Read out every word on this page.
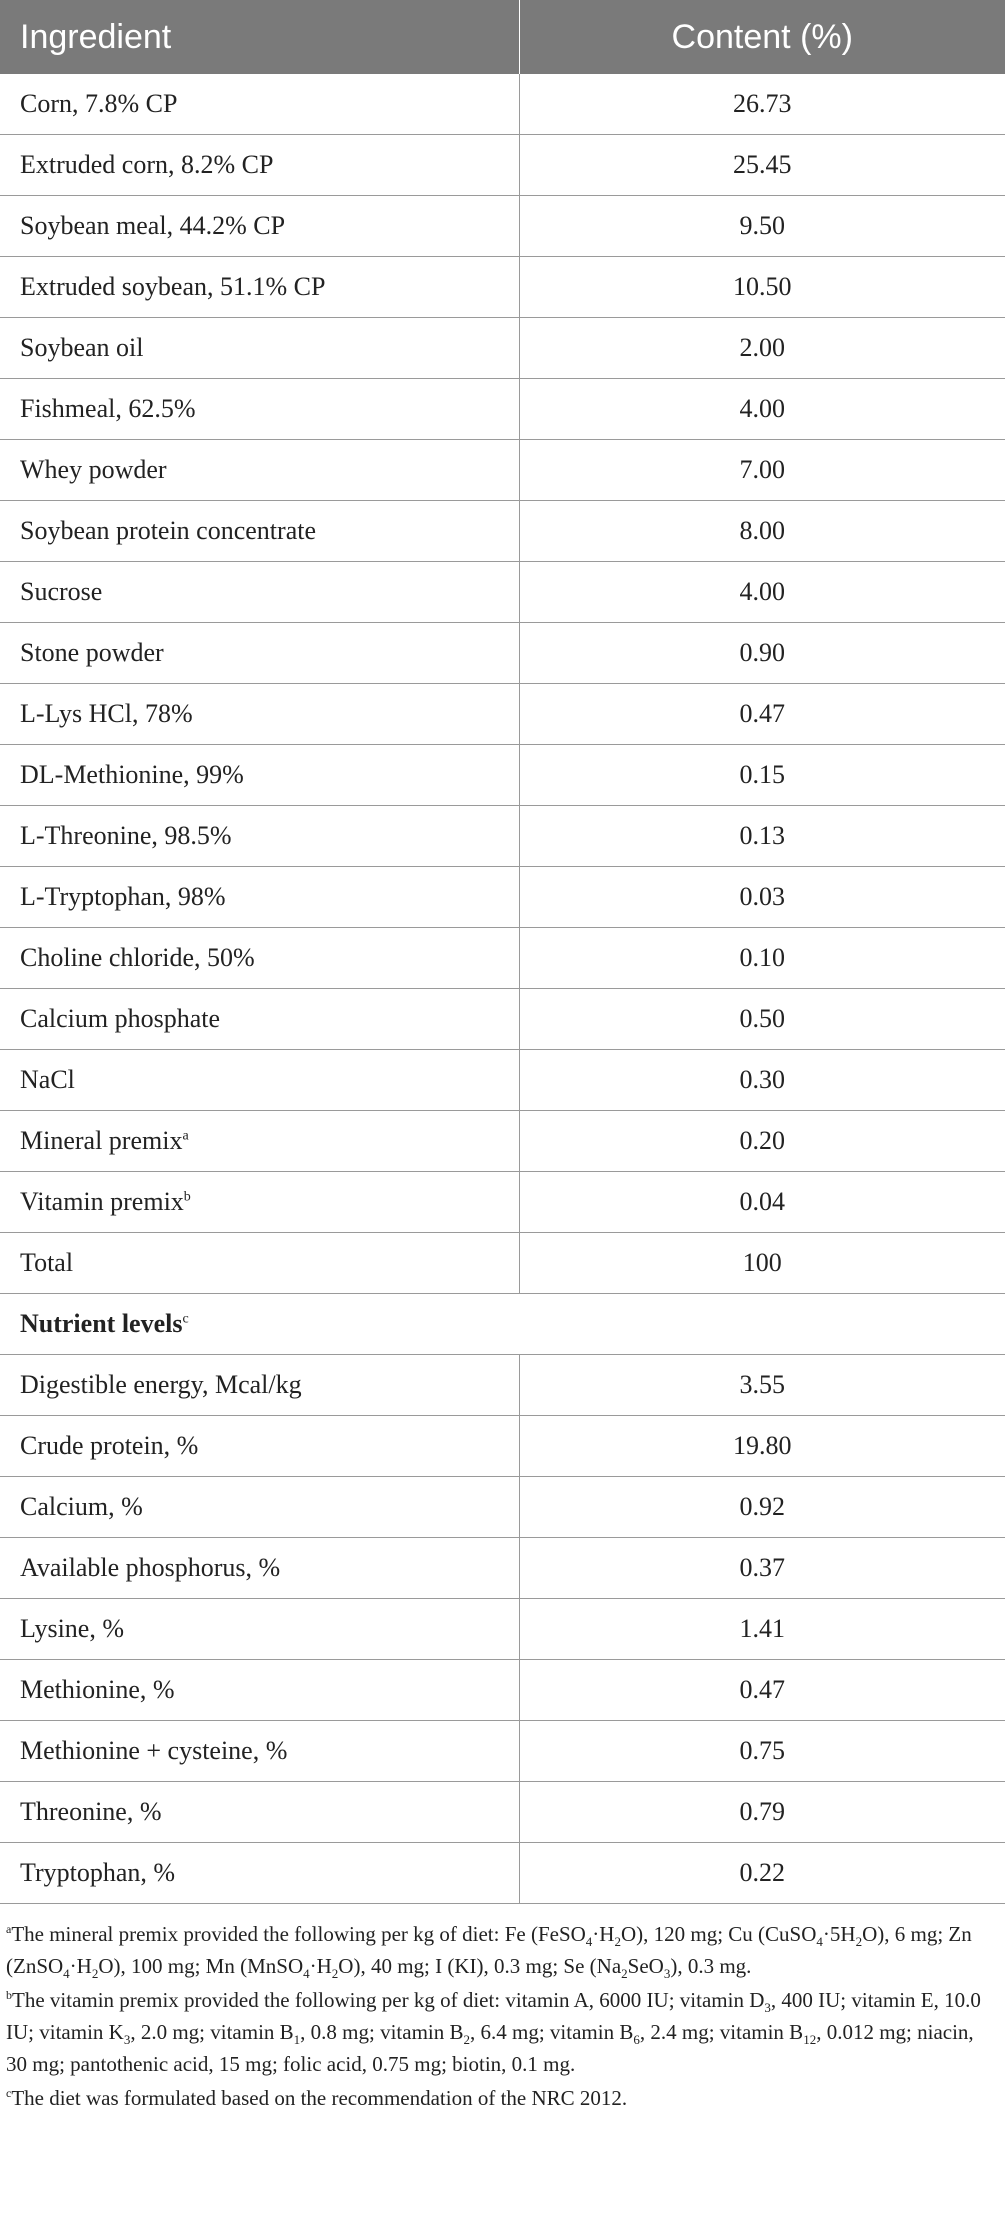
Ingredient	Content (%)
Corn, 7.8% CP	26.73
Extruded corn, 8.2% CP	25.45
Soybean meal, 44.2% CP	9.50
Extruded soybean, 51.1% CP	10.50
Soybean oil	2.00
Fishmeal, 62.5%	4.00
Whey powder	7.00
Soybean protein concentrate	8.00
Sucrose	4.00
Stone powder	0.90
L-Lys HCl, 78%	0.47
DL-Methionine, 99%	0.15
L-Threonine, 98.5%	0.13
L-Tryptophan, 98%	0.03
Choline chloride, 50%	0.10
Calcium phosphate	0.50
NaCl	0.30
Mineral premix$^a$	0.20
Vitamin premix$^b$	0.04
Total	100
Nutrient levels$^c$
Digestible energy, Mcal/kg	3.55
Crude protein, %	19.80
Calcium, %	0.92
Available phosphorus, %	0.37
Lysine, %	1.41
Methionine, %	0.47
Methionine + cysteine, %	0.75
Threonine, %	0.79
Tryptophan, %	0.22

$^a$The mineral premix provided the following per kg of diet: Fe $(FeSO_4\cdot H_2O)$, 120 mg; Cu $(CuSO_4\cdot 5H_2O)$, 6 mg; Zn $(ZnSO_4\cdot H_2O)$, 100 mg; Mn $(MnSO_4\cdot H_2O)$, 40 mg; I (KI), 0.3 mg; Se $(Na_2SeO_3)$, 0.3 mg.

$^b$The vitamin premix provided the following per kg of diet: vitamin A, 6000 IU; vitamin $D_3$, 400 IU; vitamin E, 10.0 IU; vitamin $K_3$, 2.0 mg; vitamin $B_1$, 0.8 mg; vitamin $B_2$, 6.4 mg; vitamin $B_6$, 2.4 mg; vitamin $B_{12}$, 0.012 mg; niacin, 30 mg; pantothenic acid, 15 mg; folic acid, 0.75 mg; biotin, 0.1 mg.

$^c$The diet was formulated based on the recommendation of the NRC 2012.
